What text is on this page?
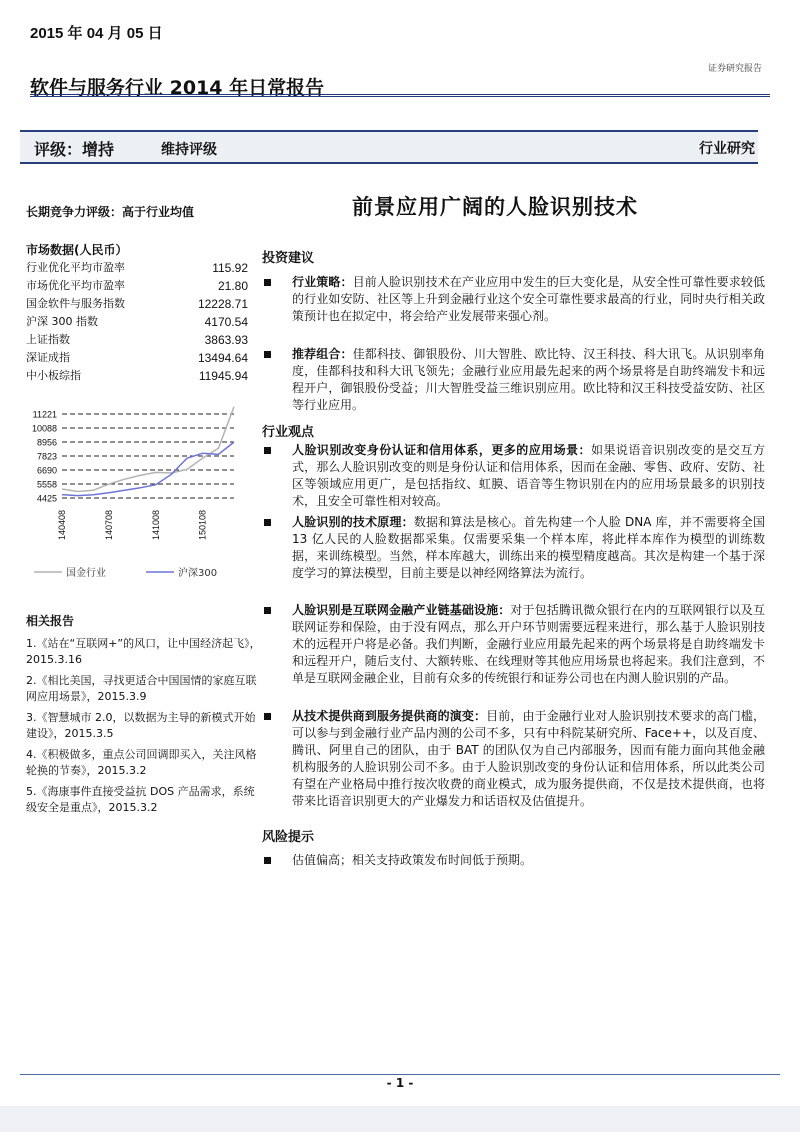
2015 年 04 月 05 日
证券研究报告
软件与服务行业 2014 年日常报告
评级：增持	维持评级	行业研究
长期竞争力评级：高于行业均值
市场数据(人民币）
行业优化平均市盈率	115.92
市场优化平均市盈率	21.80
国金软件与服务指数	12228.71
沪深 300 指数	4170.54
上证指数	3863.93
深证成指	13494.64
中小板综指	11945.94
11221
10088
8956
7823
6690
5558
4425
140408	140708	141008	150108
国金行业	沪深300
相关报告
1.《站在“互联网+”的风口，让中国经济起飞》，2015.3.16
2.《相比美国，寻找更适合中国国情的家庭互联网应用场景》，2015.3.9
3.《智慧城市 2.0，以数据为主导的新模式开始建设》，2015.3.5
4.《积极做多，重点公司回调即买入，关注风格轮换的节奏》，2015.3.2
5.《海康事件直接受益抗 DOS 产品需求，系统级安全是重点》，2015.3.2
前景应用广阔的人脸识别技术
投资建议
行业策略：目前人脸识别技术在产业应用中发生的巨大变化是，从安全性可靠性要求较低的行业如安防、社区等上升到金融行业这个安全可靠性要求最高的行业，同时央行相关政策预计也在拟定中，将会给产业发展带来强心剂。
推荐组合：佳都科技、御银股份、川大智胜、欧比特、汉王科技、科大讯飞。从识别率角度，佳都科技和科大讯飞领先；金融行业应用最先起来的两个场景将是自助终端发卡和远程开户，御银股份受益；川大智胜受益三维识别应用。欧比特和汉王科技受益安防、社区等行业应用。
行业观点
人脸识别改变身份认证和信用体系，更多的应用场景：如果说语音识别改变的是交互方式，那么人脸识别改变的则是身份认证和信用体系，因而在金融、零售、政府、安防、社区等领域应用更广，是包括指纹、虹膜、语音等生物识别在内的应用场景最多的识别技术，且安全可靠性相对较高。
人脸识别的技术原理：数据和算法是核心。首先构建一个人脸 DNA 库，并不需要将全国 13 亿人民的人脸数据都采集。仅需要采集一个样本库，将此样本库作为模型的训练数据，来训练模型。当然，样本库越大，训练出来的模型精度越高。其次是构建一个基于深度学习的算法模型，目前主要是以神经网络算法为流行。
人脸识别是互联网金融产业链基础设施：对于包括腾讯微众银行在内的互联网银行以及互联网证券和保险，由于没有网点，那么开户环节则需要远程来进行，那么基于人脸识别技术的远程开户将是必备。我们判断，金融行业应用最先起来的两个场景将是自助终端发卡和远程开户，随后支付、大额转账、在线理财等其他应用场景也将起来。我们注意到，不单是互联网金融企业，目前有众多的传统银行和证券公司也在内测人脸识别的产品。
从技术提供商到服务提供商的演变：目前，由于金融行业对人脸识别技术要求的高门槛，可以参与到金融行业产品内测的公司不多，只有中科院某研究所、Face++，以及百度、腾讯、阿里自己的团队，由于 BAT 的团队仅为自己内部服务，因而有能力面向其他金融机构服务的人脸识别公司不多。由于人脸识别改变的身份认证和信用体系，所以此类公司有望在产业格局中推行按次收费的商业模式，成为服务提供商，不仅是技术提供商，也将带来比语音识别更大的产业爆发力和话语权及估值提升。
风险提示
估值偏高；相关支持政策发布时间低于预期。
- 1 -
